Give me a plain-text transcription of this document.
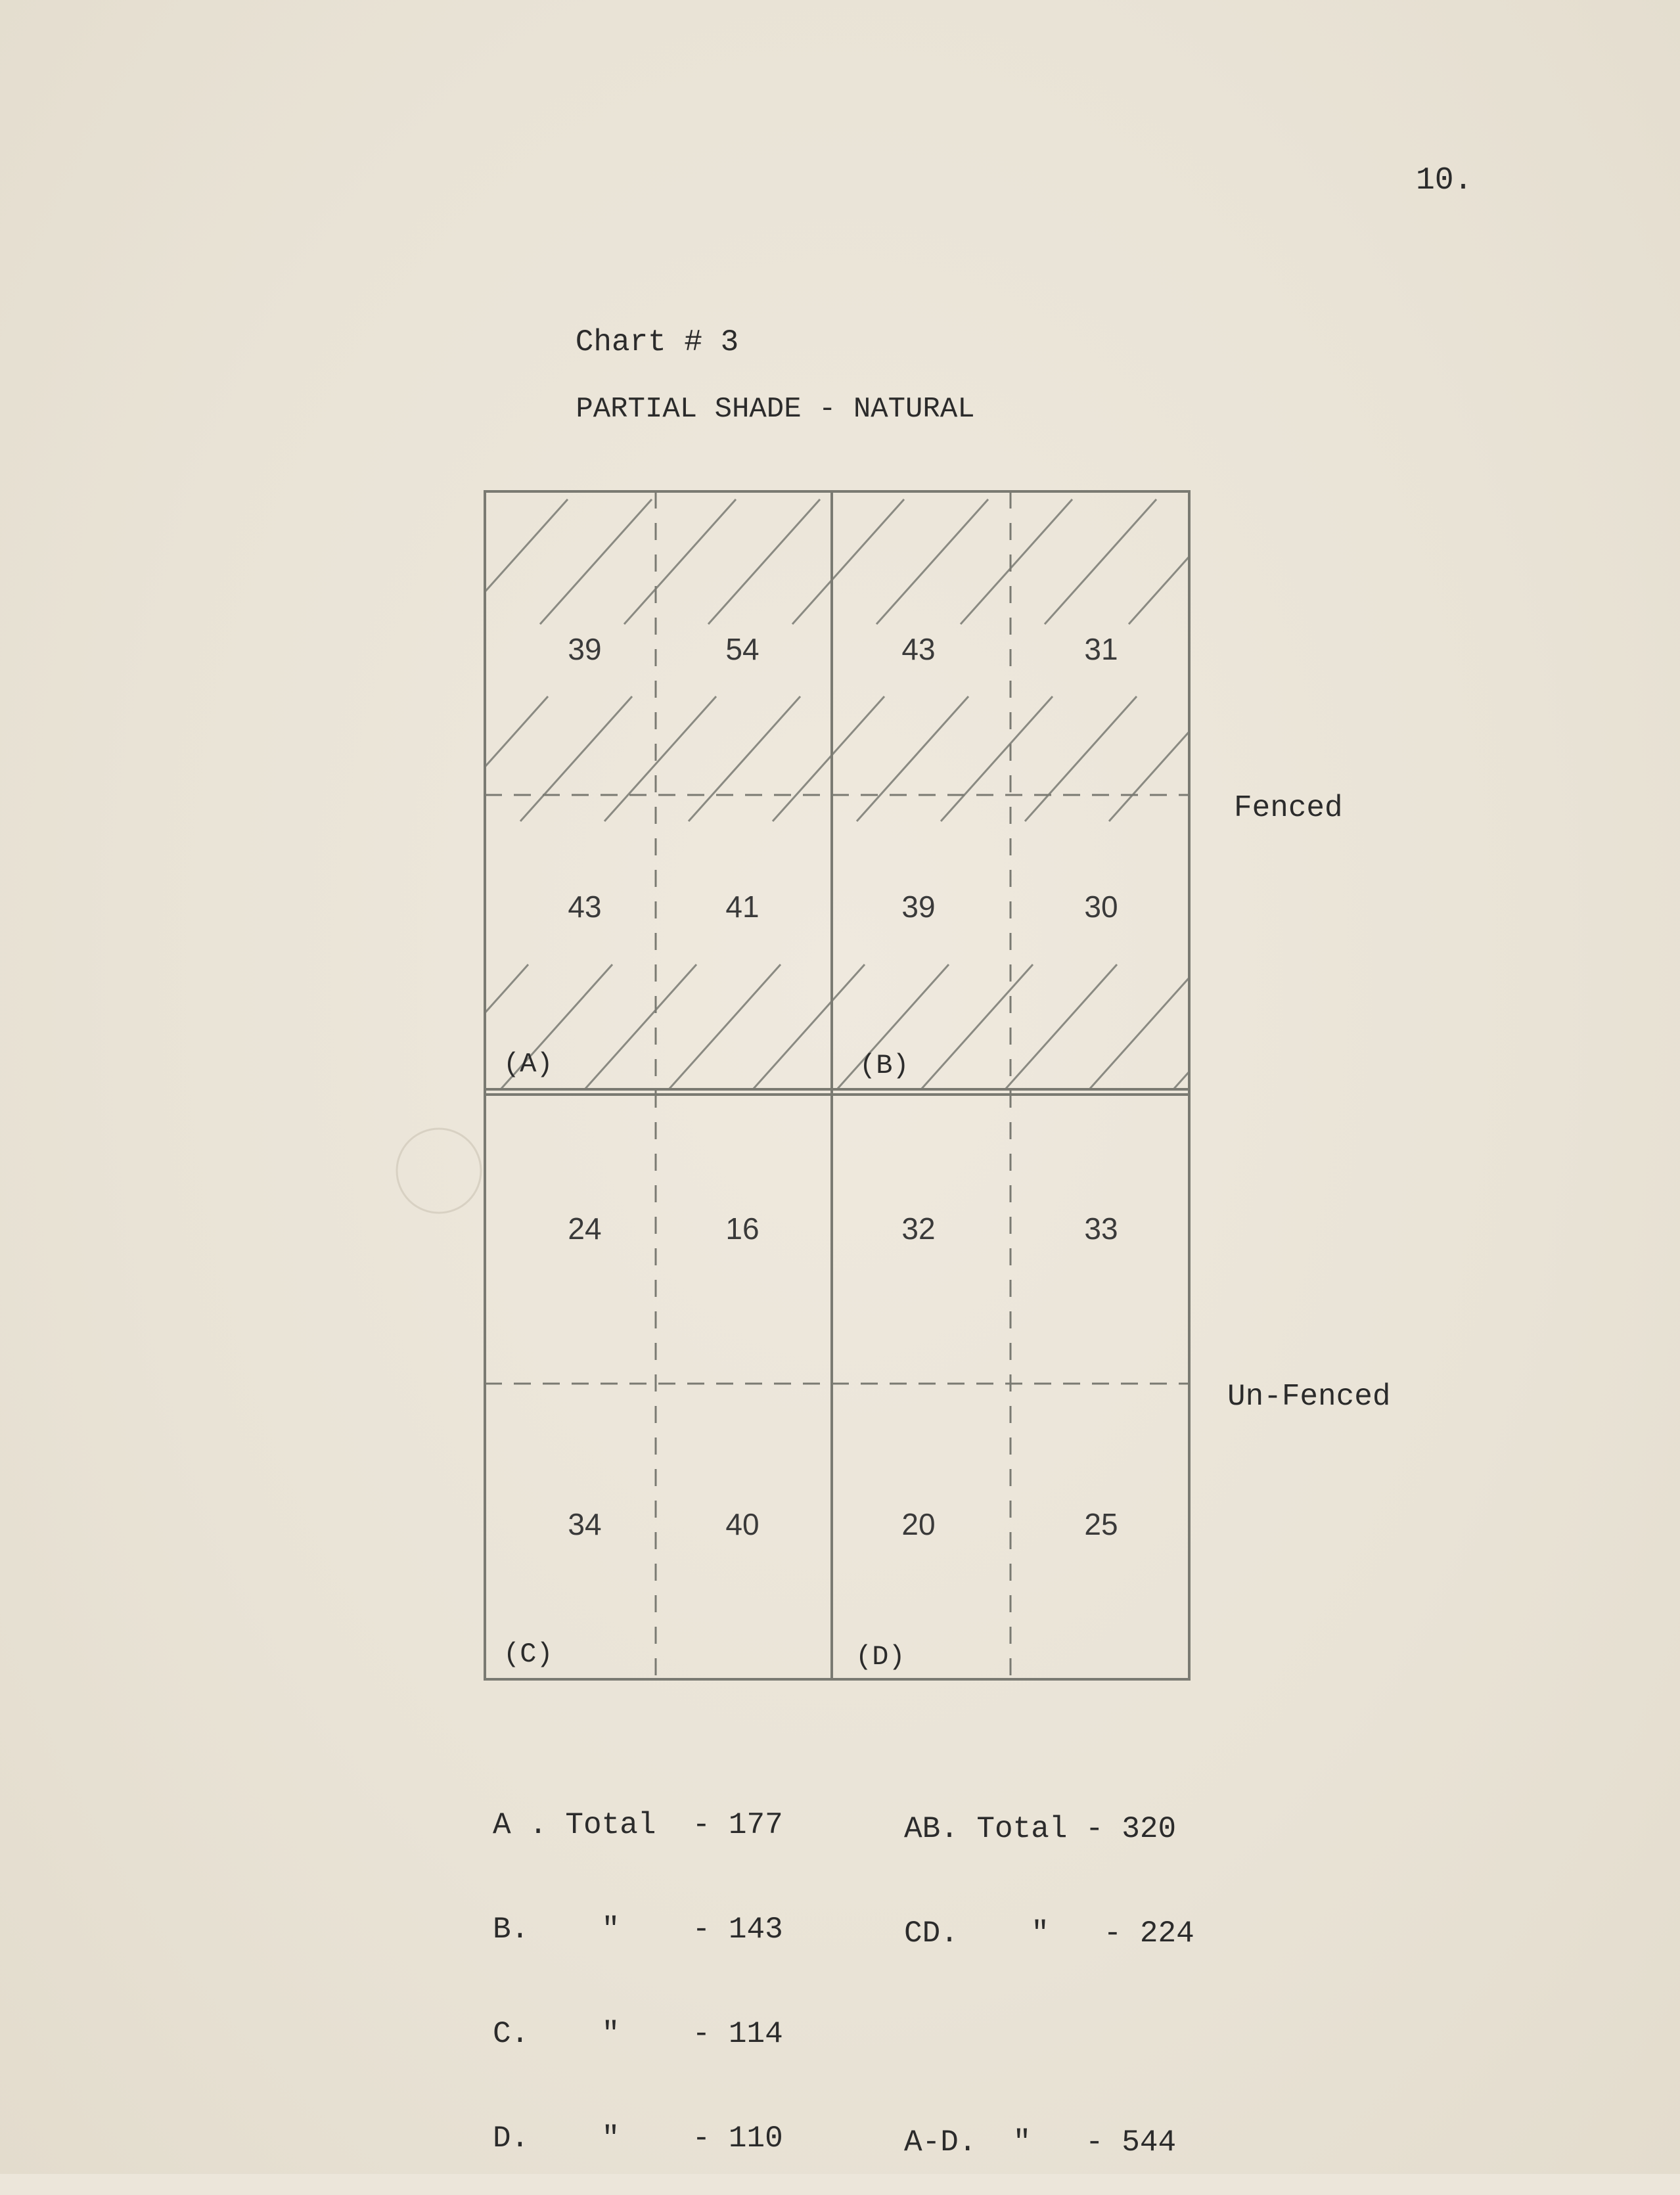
10.
Chart # 3
PARTIAL SHADE - NATURAL
39	54	43	31
43	41	39	30
24	16	32	33
34	40	20	25
Fenced
Un-Fenced
(A)	(B)
(C)	(D)

A . Total  - 177

B.    "    - 143

C.    "    - 114

D.    "    - 110

AB. Total - 320

CD.    "   - 224

A-D.  "   - 544
